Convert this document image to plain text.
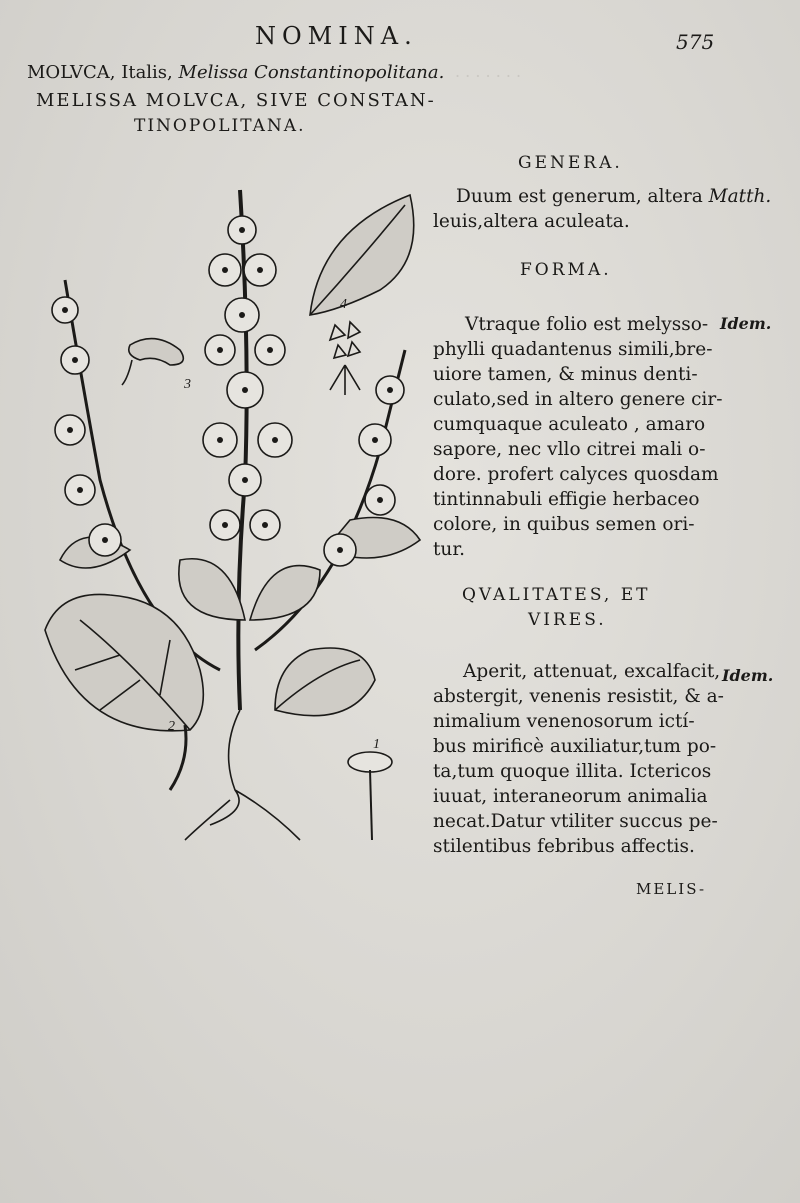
. . . . . . .
NOMINA.	575
MOLVCA, Italis, Melissa Constantinopolitana.
MELISSA MOLVCA, SIVE CONSTAN-
TINOPOLITANA.
3
4
2
1
GENERA.
Duum est generum, altera Matth.
leuis,altera aculeata.
FORMA.
Idem.
Vtraque folio est melysso-
phylli quadantenus simili,bre-
uiore tamen, & minus denti-
culato,sed in altero genere cir-
cumquaque aculeato , amaro
sapore, nec vllo citrei mali o-
dore. profert calyces quosdam
tintinnabuli effigie herbaceo
colore, in quibus semen ori-
tur.
QVALITATES, ET
VIRES.
Idem.
Aperit, attenuat, excalfacit,
abstergit, venenis resistit, & a-
nimalium venenosorum ictí-
bus mirificè auxiliatur,tum po-
ta,tum quoque illita. Ictericos
iuuat, interaneorum animalia
necat.Datur vtiliter succus pe-
stilentibus febribus affectis.
MELIS-
